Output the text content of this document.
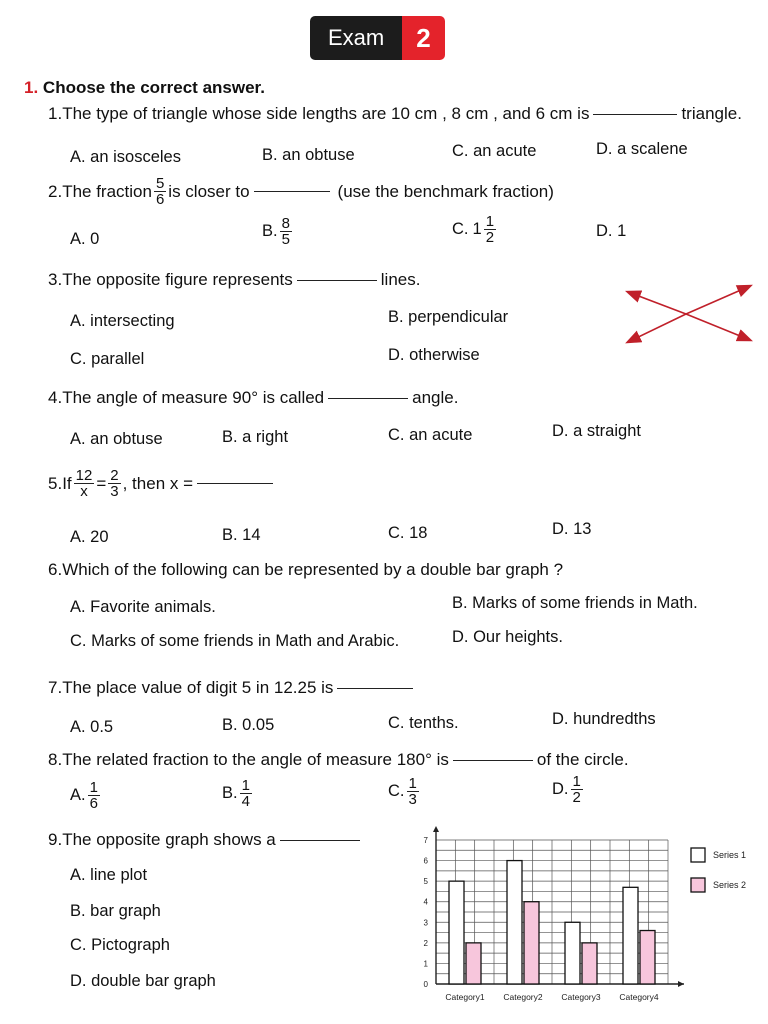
Exam	2
1. Choose the correct answer.
1.The type of triangle whose side lengths are 10 cm , 8 cm , and 6 cm is	triangle.
A. an isosceles	B. an obtuse	C. an acute	D. a scalene
2. The fraction $\frac{5}{6}$ is closer to	(use the benchmark fraction)
A. 0	B. $\frac{8}{5}$	C. $1 \frac{1}{2}$	D. 1
3.The opposite figure represents	lines.
A. intersecting	B. perpendicular
C. parallel	D. otherwise
4.The angle of measure 90° is called	angle.
A. an obtuse	B. a right	C. an acute	D. a straight
5. If $\frac{12}{x} = \frac{2}{3}$ , then x =
A. 20	B. 14	C. 18	D. 13
6.Which of the following can be represented by a double bar graph ?
A. Favorite animals.	B. Marks of some friends in Math.
C. Marks of some friends in Math and Arabic.	D. Our heights.
7.The place value of digit 5 in 12.25 is
A. 0.5	B. 0.05	C. tenths.	D. hundredths
8.The related fraction to the angle of measure 180° is	of the circle.
A. $\frac{1}{6}$	B. $\frac{1}{4}$	C. $\frac{1}{3}$	D. $\frac{1}{2}$
9.The opposite graph shows a
A. line plot
B. bar graph
C. Pictograph
D. double bar graph	0
1
2
3
4
5
6
7
Category1 Category2 Category3 Category4
Series 1
Series 2
